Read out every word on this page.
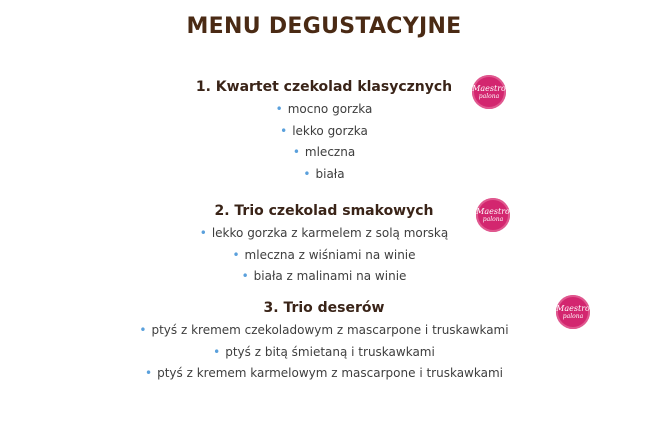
MENU DEGUSTACYJNE
1. Kwartet czekolad klasycznych
• mocno gorzka
• lekko gorzka
• mleczna
• biała
Maestro
palona
2. Trio czekolad smakowych
• lekko gorzka z karmelem z solą morską
• mleczna z wiśniami na winie
• biała z malinami na winie
Maestro
palona
3. Trio deserów
• ptyś z kremem czekoladowym z mascarpone i truskawkami
• ptyś z bitą śmietaną i truskawkami
• ptyś z kremem karmelowym z mascarpone i truskawkami
Maestro
palona
